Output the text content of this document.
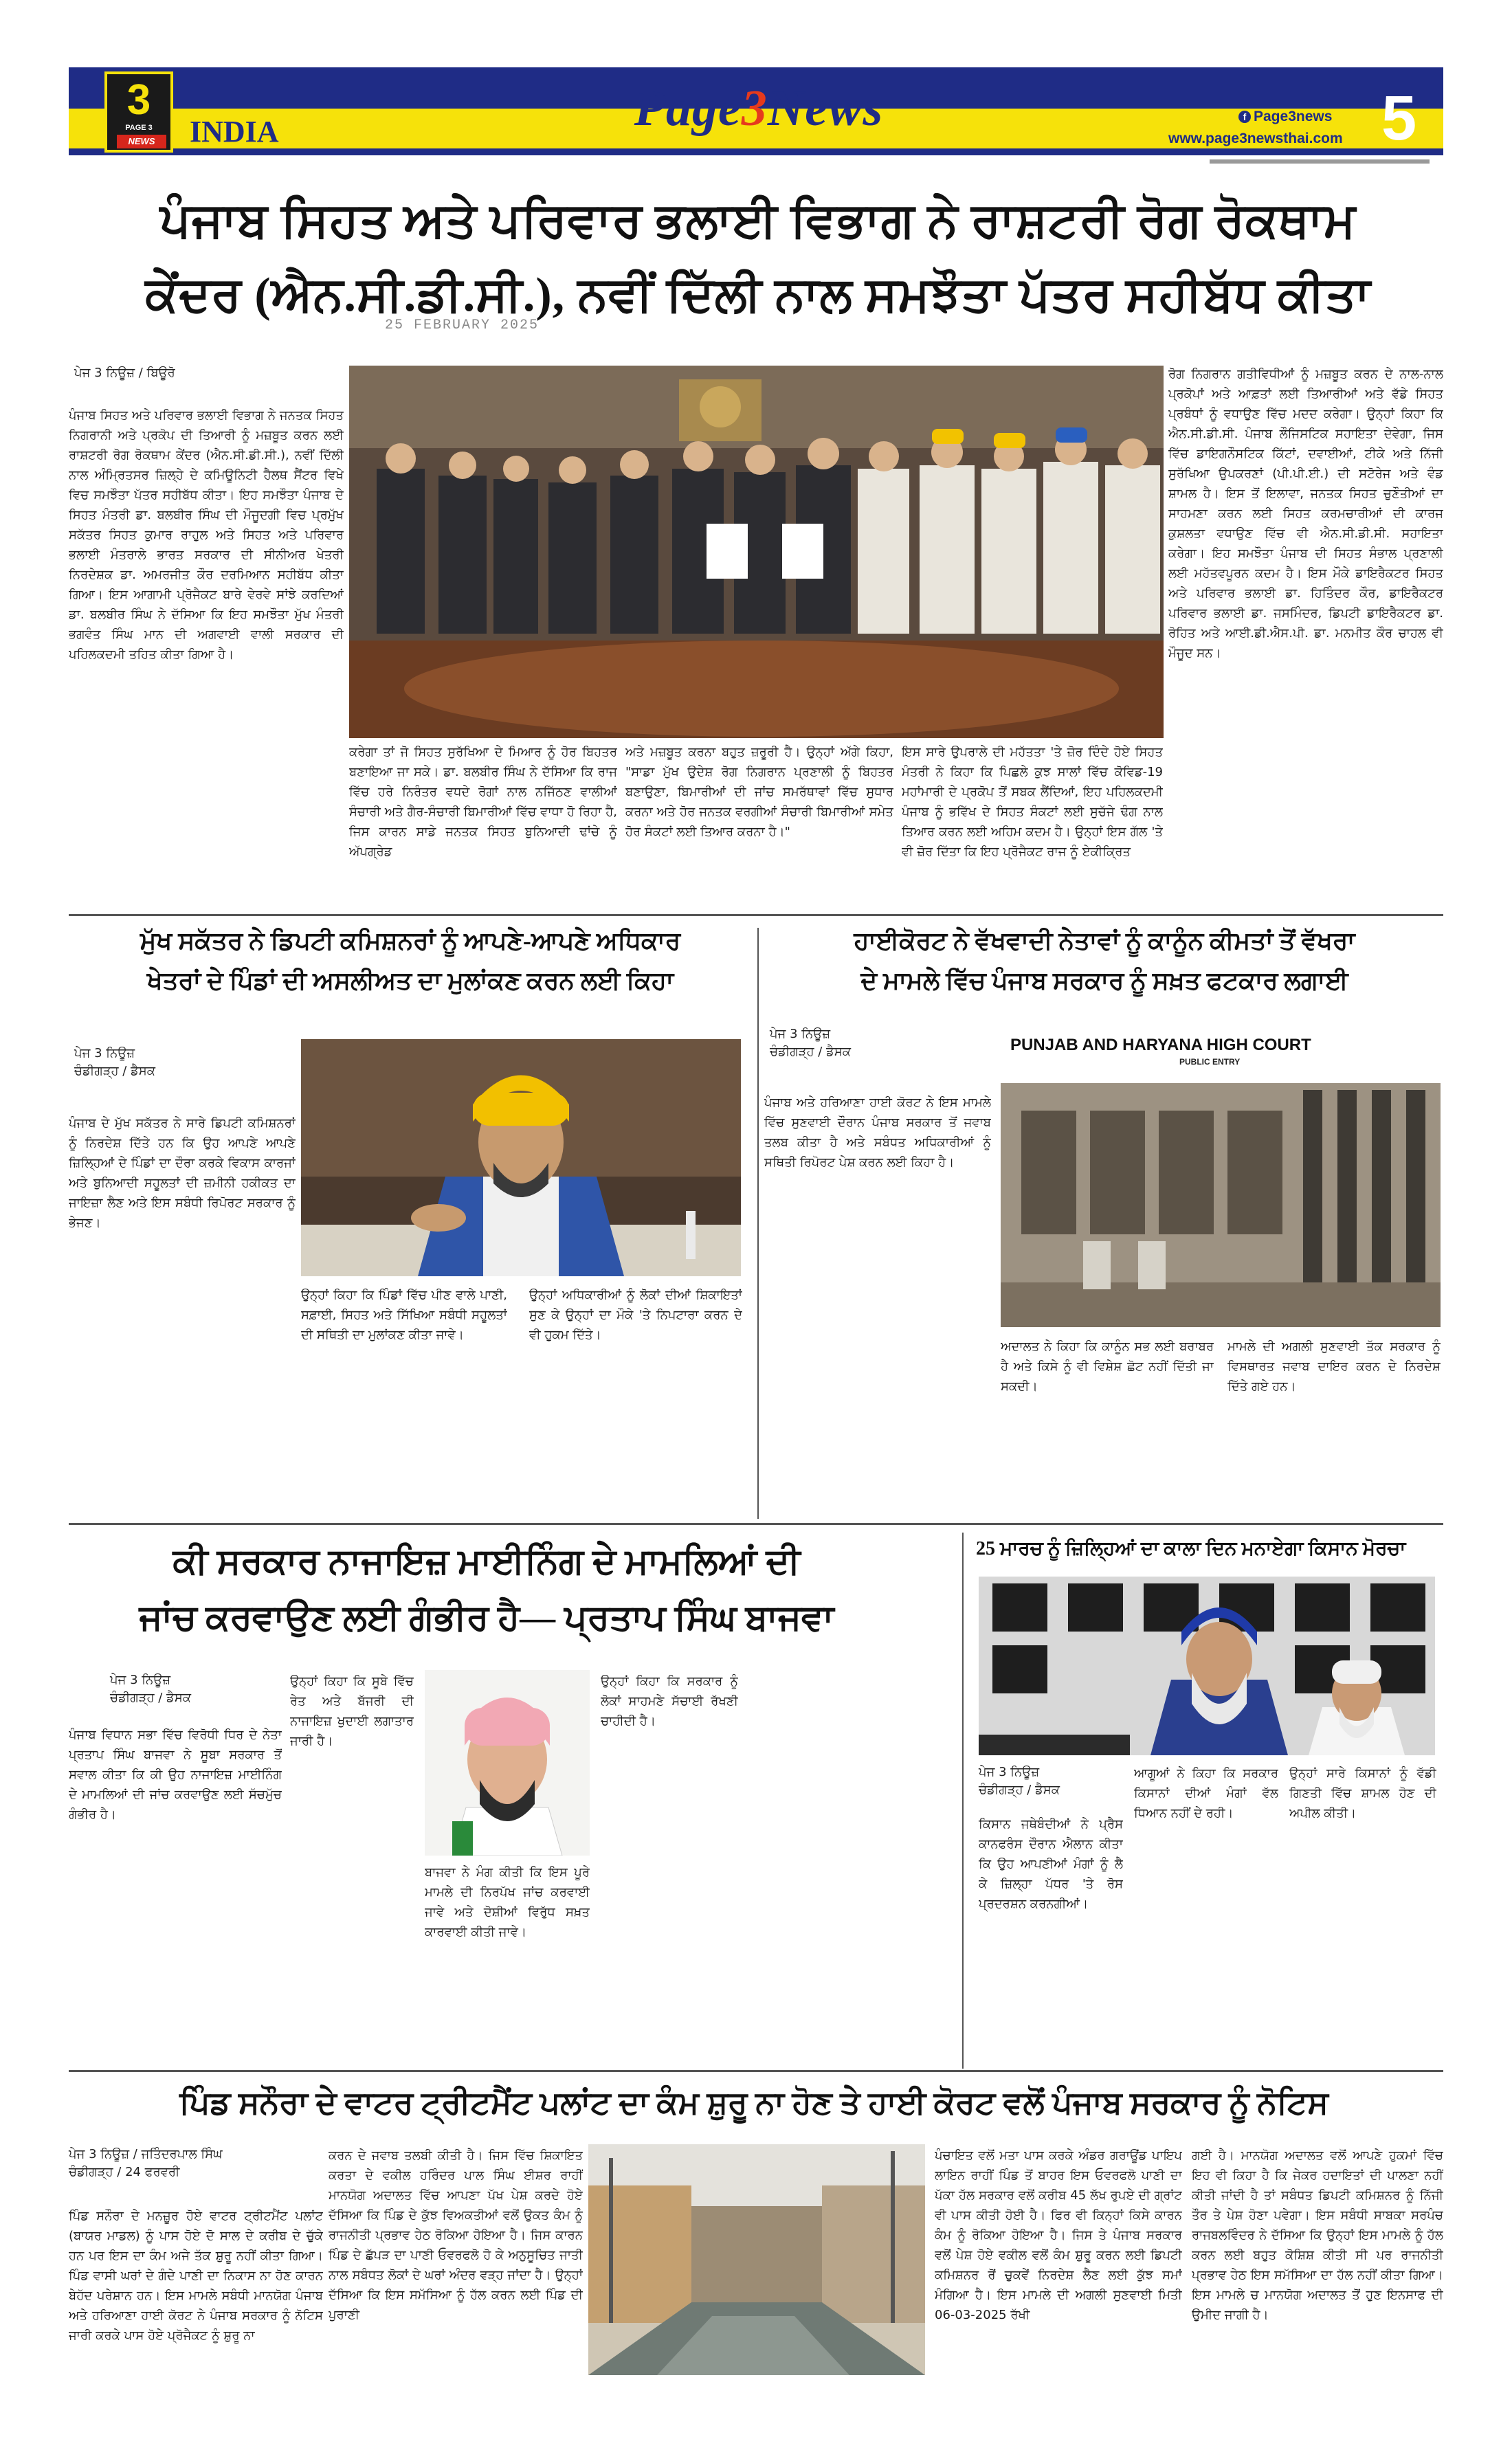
3
PAGE 3
NEWS	INDIA	Page3News	f Page3news
www.page3newsthai.com 5
ਪੰਜਾਬ ਸਿਹਤ ਅਤੇ ਪਰਿਵਾਰ ਭਲਾਈ ਵਿਭਾਗ ਨੇ ਰਾਸ਼ਟਰੀ ਰੋਗ ਰੋਕਥਾਮ
ਕੇਂਦਰ (ਐਨ.ਸੀ.ਡੀ.ਸੀ.), ਨਵੀਂ ਦਿੱਲੀ ਨਾਲ ਸਮਝੌਤਾ ਪੱਤਰ ਸਹੀਬੱਧ ਕੀਤਾ
ਪੇਜ 3 ਨਿਊਜ਼ / ਬਿਊਰੋ
ਪੰਜਾਬ ਸਿਹਤ ਅਤੇ ਪਰਿਵਾਰ ਭਲਾਈ ਵਿਭਾਗ ਨੇ ਜਨਤਕ ਸਿਹਤ ਨਿਗਰਾਨੀ ਅਤੇ ਪ੍ਰਕੋਪ ਦੀ ਤਿਆਰੀ ਨੂੰ ਮਜ਼ਬੂਤ ਕਰਨ ਲਈ ਰਾਸ਼ਟਰੀ ਰੋਗ ਰੋਕਥਾਮ ਕੇਂਦਰ (ਐਨ.ਸੀ.ਡੀ.ਸੀ.), ਨਵੀਂ ਦਿੱਲੀ ਨਾਲ ਅੰਮ੍ਰਿਤਸਰ ਜ਼ਿਲ੍ਹੇ ਦੇ ਕਮਿਊਨਿਟੀ ਹੈਲਥ ਸੈਂਟਰ ਵਿਖੇ ਵਿਚ ਸਮਝੌਤਾ ਪੱਤਰ ਸਹੀਬੱਧ ਕੀਤਾ। ਇਹ ਸਮਝੌਤਾ ਪੰਜਾਬ ਦੇ ਸਿਹਤ ਮੰਤਰੀ ਡਾ. ਬਲਬੀਰ ਸਿੰਘ ਦੀ ਮੌਜੂਦਗੀ ਵਿਚ ਪ੍ਰਮੁੱਖ ਸਕੱਤਰ ਸਿਹਤ ਕੁਮਾਰ ਰਾਹੁਲ ਅਤੇ ਸਿਹਤ ਅਤੇ ਪਰਿਵਾਰ ਭਲਾਈ ਮੰਤਰਾਲੇ ਭਾਰਤ ਸਰਕਾਰ ਦੀ ਸੀਨੀਅਰ ਖੇਤਰੀ ਨਿਰਦੇਸ਼ਕ ਡਾ. ਅਮਰਜੀਤ ਕੌਰ ਦਰਮਿਆਨ ਸਹੀਬੱਧ ਕੀਤਾ ਗਿਆ। ਇਸ ਆਗਾਮੀ ਪ੍ਰੋਜੈਕਟ ਬਾਰੇ ਵੇਰਵੇ ਸਾਂਝੇ ਕਰਦਿਆਂ ਡਾ. ਬਲਬੀਰ ਸਿੰਘ ਨੇ ਦੱਸਿਆ ਕਿ ਇਹ ਸਮਝੌਤਾ ਮੁੱਖ ਮੰਤਰੀ ਭਗਵੰਤ ਸਿੰਘ ਮਾਨ ਦੀ ਅਗਵਾਈ ਵਾਲੀ ਸਰਕਾਰ ਦੀ ਪਹਿਲਕਦਮੀ ਤਹਿਤ ਕੀਤਾ ਗਿਆ ਹੈ।
25 FEBRUARY 2025
ਕਰੇਗਾ ਤਾਂ ਜੋ ਸਿਹਤ ਸੁਰੱਖਿਆ ਦੇ ਮਿਆਰ ਨੂੰ ਹੋਰ ਬਿਹਤਰ ਬਣਾਇਆ ਜਾ ਸਕੇ। ਡਾ. ਬਲਬੀਰ ਸਿੰਘ ਨੇ ਦੱਸਿਆ ਕਿ ਰਾਜ ਵਿੱਚ ਹਰੇ ਨਿਰੰਤਰ ਵਧਦੇ ਰੋਗਾਂ ਨਾਲ ਨਜਿੱਠਣ ਵਾਲੀਆਂ ਸੰਚਾਰੀ ਅਤੇ ਗੈਰ-ਸੰਚਾਰੀ ਬਿਮਾਰੀਆਂ ਵਿੱਚ ਵਾਧਾ ਹੋ ਰਿਹਾ ਹੈ, ਜਿਸ ਕਾਰਨ ਸਾਡੇ ਜਨਤਕ ਸਿਹਤ ਬੁਨਿਆਦੀ ਢਾਂਚੇ ਨੂੰ ਅੱਪਗ੍ਰੇਡ
ਅਤੇ ਮਜ਼ਬੂਤ ਕਰਨਾ ਬਹੁਤ ਜ਼ਰੂਰੀ ਹੈ। ਉਨ੍ਹਾਂ ਅੱਗੇ ਕਿਹਾ, "ਸਾਡਾ ਮੁੱਖ ਉਦੇਸ਼ ਰੋਗ ਨਿਗਰਾਨ ਪ੍ਰਣਾਲੀ ਨੂੰ ਬਿਹਤਰ ਬਣਾਉਣਾ, ਬਿਮਾਰੀਆਂ ਦੀ ਜਾਂਚ ਸਮਰੱਥਾਵਾਂ ਵਿੱਚ ਸੁਧਾਰ ਕਰਨਾ ਅਤੇ ਹੋਰ ਜਨਤਕ ਵਰਗੀਆਂ ਸੰਚਾਰੀ ਬਿਮਾਰੀਆਂ ਸਮੇਤ ਹੋਰ ਸੰਕਟਾਂ ਲਈ ਤਿਆਰ ਕਰਨਾ ਹੈ।"
ਇਸ ਸਾਰੇ ਉਪਰਾਲੇ ਦੀ ਮਹੱਤਤਾ 'ਤੇ ਜ਼ੋਰ ਦਿੰਦੇ ਹੋਏ ਸਿਹਤ ਮੰਤਰੀ ਨੇ ਕਿਹਾ ਕਿ ਪਿਛਲੇ ਕੁਝ ਸਾਲਾਂ ਵਿੱਚ ਕੋਵਿਡ-19 ਮਹਾਂਮਾਰੀ ਦੇ ਪ੍ਰਕੋਪ ਤੋਂ ਸਬਕ ਲੈਂਦਿਆਂ, ਇਹ ਪਹਿਲਕਦਮੀ ਪੰਜਾਬ ਨੂੰ ਭਵਿੱਖ ਦੇ ਸਿਹਤ ਸੰਕਟਾਂ ਲਈ ਸੁਚੱਜੇ ਢੰਗ ਨਾਲ ਤਿਆਰ ਕਰਨ ਲਈ ਅਹਿਮ ਕਦਮ ਹੈ। ਉਨ੍ਹਾਂ ਇਸ ਗੱਲ 'ਤੇ ਵੀ ਜ਼ੋਰ ਦਿੱਤਾ ਕਿ ਇਹ ਪ੍ਰੋਜੈਕਟ ਰਾਜ ਨੂੰ ਏਕੀਕ੍ਰਿਤ
ਰੋਗ ਨਿਗਰਾਨ ਗਤੀਵਿਧੀਆਂ ਨੂੰ ਮਜ਼ਬੂਤ ਕਰਨ ਦੇ ਨਾਲ-ਨਾਲ ਪ੍ਰਕੋਪਾਂ ਅਤੇ ਆਫ਼ਤਾਂ ਲਈ ਤਿਆਰੀਆਂ ਅਤੇ ਵੱਡੇ ਸਿਹਤ ਪ੍ਰਬੰਧਾਂ ਨੂੰ ਵਧਾਉਣ ਵਿੱਚ ਮਦਦ ਕਰੇਗਾ। ਉਨ੍ਹਾਂ ਕਿਹਾ ਕਿ ਐਨ.ਸੀ.ਡੀ.ਸੀ. ਪੰਜਾਬ ਲੌਜਿਸਟਿਕ ਸਹਾਇਤਾ ਦੇਵੇਗਾ, ਜਿਸ ਵਿੱਚ ਡਾਇਗਨੌਸਟਿਕ ਕਿੱਟਾਂ, ਦਵਾਈਆਂ, ਟੀਕੇ ਅਤੇ ਨਿੱਜੀ ਸੁਰੱਖਿਆ ਉਪਕਰਣਾਂ (ਪੀ.ਪੀ.ਈ.) ਦੀ ਸਟੋਰੇਜ ਅਤੇ ਵੰਡ ਸ਼ਾਮਲ ਹੈ। ਇਸ ਤੋਂ ਇਲਾਵਾ, ਜਨਤਕ ਸਿਹਤ ਚੁਣੌਤੀਆਂ ਦਾ ਸਾਹਮਣਾ ਕਰਨ ਲਈ ਸਿਹਤ ਕਰਮਚਾਰੀਆਂ ਦੀ ਕਾਰਜ ਕੁਸ਼ਲਤਾ ਵਧਾਉਣ ਵਿੱਚ ਵੀ ਐਨ.ਸੀ.ਡੀ.ਸੀ. ਸਹਾਇਤਾ ਕਰੇਗਾ। ਇਹ ਸਮਝੌਤਾ ਪੰਜਾਬ ਦੀ ਸਿਹਤ ਸੰਭਾਲ ਪ੍ਰਣਾਲੀ ਲਈ ਮਹੱਤਵਪੂਰਨ ਕਦਮ ਹੈ। ਇਸ ਮੌਕੇ ਡਾਇਰੈਕਟਰ ਸਿਹਤ ਅਤੇ ਪਰਿਵਾਰ ਭਲਾਈ ਡਾ. ਹਿਤਿੰਦਰ ਕੌਰ, ਡਾਇਰੈਕਟਰ ਪਰਿਵਾਰ ਭਲਾਈ ਡਾ. ਜਸਮਿੰਦਰ, ਡਿਪਟੀ ਡਾਇਰੈਕਟਰ ਡਾ. ਰੋਹਿਤ ਅਤੇ ਆਈ.ਡੀ.ਐਸ.ਪੀ. ਡਾ. ਮਨਮੀਤ ਕੌਰ ਚਾਹਲ ਵੀ ਮੌਜੂਦ ਸਨ।
ਮੁੱਖ ਸਕੱਤਰ ਨੇ ਡਿਪਟੀ ਕਮਿਸ਼ਨਰਾਂ ਨੂੰ ਆਪਣੇ-ਆਪਣੇ ਅਧਿਕਾਰ
ਖੇਤਰਾਂ ਦੇ ਪਿੰਡਾਂ ਦੀ ਅਸਲੀਅਤ ਦਾ ਮੁਲਾਂਕਣ ਕਰਨ ਲਈ ਕਿਹਾ
ਪੇਜ 3 ਨਿਊਜ਼
ਚੰਡੀਗੜ੍ਹ / ਡੈਸਕ
ਪੰਜਾਬ ਦੇ ਮੁੱਖ ਸਕੱਤਰ ਨੇ ਸਾਰੇ ਡਿਪਟੀ ਕਮਿਸ਼ਨਰਾਂ ਨੂੰ ਨਿਰਦੇਸ਼ ਦਿੱਤੇ ਹਨ ਕਿ ਉਹ ਆਪਣੇ ਆਪਣੇ ਜ਼ਿਲ੍ਹਿਆਂ ਦੇ ਪਿੰਡਾਂ ਦਾ ਦੌਰਾ ਕਰਕੇ ਵਿਕਾਸ ਕਾਰਜਾਂ ਅਤੇ ਬੁਨਿਆਦੀ ਸਹੂਲਤਾਂ ਦੀ ਜ਼ਮੀਨੀ ਹਕੀਕਤ ਦਾ ਜਾਇਜ਼ਾ ਲੈਣ ਅਤੇ ਇਸ ਸਬੰਧੀ ਰਿਪੋਰਟ ਸਰਕਾਰ ਨੂੰ ਭੇਜਣ।
ਉਨ੍ਹਾਂ ਕਿਹਾ ਕਿ ਪਿੰਡਾਂ ਵਿੱਚ ਪੀਣ ਵਾਲੇ ਪਾਣੀ, ਸਫ਼ਾਈ, ਸਿਹਤ ਅਤੇ ਸਿੱਖਿਆ ਸਬੰਧੀ ਸਹੂਲਤਾਂ ਦੀ ਸਥਿਤੀ ਦਾ ਮੁਲਾਂਕਣ ਕੀਤਾ ਜਾਵੇ।
ਉਨ੍ਹਾਂ ਅਧਿਕਾਰੀਆਂ ਨੂੰ ਲੋਕਾਂ ਦੀਆਂ ਸ਼ਿਕਾਇਤਾਂ ਸੁਣ ਕੇ ਉਨ੍ਹਾਂ ਦਾ ਮੌਕੇ 'ਤੇ ਨਿਪਟਾਰਾ ਕਰਨ ਦੇ ਵੀ ਹੁਕਮ ਦਿੱਤੇ।
ਹਾਈਕੋਰਟ ਨੇ ਵੱਖਵਾਦੀ ਨੇਤਾਵਾਂ ਨੂੰ ਕਾਨੂੰਨ ਕੀਮਤਾਂ ਤੋਂ ਵੱਖਰਾ
ਦੇ ਮਾਮਲੇ ਵਿੱਚ ਪੰਜਾਬ ਸਰਕਾਰ ਨੂੰ ਸਖ਼ਤ ਫਟਕਾਰ ਲਗਾਈ
ਪੇਜ 3 ਨਿਊਜ਼
ਚੰਡੀਗੜ੍ਹ / ਡੈਸਕ
ਪੰਜਾਬ ਅਤੇ ਹਰਿਆਣਾ ਹਾਈ ਕੋਰਟ ਨੇ ਇਸ ਮਾਮਲੇ ਵਿੱਚ ਸੁਣਵਾਈ ਦੌਰਾਨ ਪੰਜਾਬ ਸਰਕਾਰ ਤੋਂ ਜਵਾਬ ਤਲਬ ਕੀਤਾ ਹੈ ਅਤੇ ਸਬੰਧਤ ਅਧਿਕਾਰੀਆਂ ਨੂੰ ਸਥਿਤੀ ਰਿਪੋਰਟ ਪੇਸ਼ ਕਰਨ ਲਈ ਕਿਹਾ ਹੈ।
PUNJAB AND HARYANA HIGH COURT
PUBLIC ENTRY
ਅਦਾਲਤ ਨੇ ਕਿਹਾ ਕਿ ਕਾਨੂੰਨ ਸਭ ਲਈ ਬਰਾਬਰ ਹੈ ਅਤੇ ਕਿਸੇ ਨੂੰ ਵੀ ਵਿਸ਼ੇਸ਼ ਛੋਟ ਨਹੀਂ ਦਿੱਤੀ ਜਾ ਸਕਦੀ।
ਮਾਮਲੇ ਦੀ ਅਗਲੀ ਸੁਣਵਾਈ ਤੱਕ ਸਰਕਾਰ ਨੂੰ ਵਿਸਥਾਰਤ ਜਵਾਬ ਦਾਇਰ ਕਰਨ ਦੇ ਨਿਰਦੇਸ਼ ਦਿੱਤੇ ਗਏ ਹਨ।
ਕੀ ਸਰਕਾਰ ਨਾਜਾਇਜ਼ ਮਾਈਨਿੰਗ ਦੇ ਮਾਮਲਿਆਂ ਦੀ
ਜਾਂਚ ਕਰਵਾਉਣ ਲਈ ਗੰਭੀਰ ਹੈ— ਪ੍ਰਤਾਪ ਸਿੰਘ ਬਾਜਵਾ
ਪੇਜ 3 ਨਿਊਜ਼
ਚੰਡੀਗੜ੍ਹ / ਡੈਸਕ
ਪੰਜਾਬ ਵਿਧਾਨ ਸਭਾ ਵਿੱਚ ਵਿਰੋਧੀ ਧਿਰ ਦੇ ਨੇਤਾ ਪ੍ਰਤਾਪ ਸਿੰਘ ਬਾਜਵਾ ਨੇ ਸੂਬਾ ਸਰਕਾਰ ਤੋਂ ਸਵਾਲ ਕੀਤਾ ਕਿ ਕੀ ਉਹ ਨਾਜਾਇਜ਼ ਮਾਈਨਿੰਗ ਦੇ ਮਾਮਲਿਆਂ ਦੀ ਜਾਂਚ ਕਰਵਾਉਣ ਲਈ ਸੱਚਮੁੱਚ ਗੰਭੀਰ ਹੈ।
ਉਨ੍ਹਾਂ ਕਿਹਾ ਕਿ ਸੂਬੇ ਵਿੱਚ ਰੇਤ ਅਤੇ ਬੱਜਰੀ ਦੀ ਨਾਜਾਇਜ਼ ਖੁਦਾਈ ਲਗਾਤਾਰ ਜਾਰੀ ਹੈ।
ਬਾਜਵਾ ਨੇ ਮੰਗ ਕੀਤੀ ਕਿ ਇਸ ਪੂਰੇ ਮਾਮਲੇ ਦੀ ਨਿਰਪੱਖ ਜਾਂਚ ਕਰਵਾਈ ਜਾਵੇ ਅਤੇ ਦੋਸ਼ੀਆਂ ਵਿਰੁੱਧ ਸਖ਼ਤ ਕਾਰਵਾਈ ਕੀਤੀ ਜਾਵੇ।
ਉਨ੍ਹਾਂ ਕਿਹਾ ਕਿ ਸਰਕਾਰ ਨੂੰ ਲੋਕਾਂ ਸਾਹਮਣੇ ਸੱਚਾਈ ਰੱਖਣੀ ਚਾਹੀਦੀ ਹੈ।
25 ਮਾਰਚ ਨੂੰ ਜ਼ਿਲ੍ਹਿਆਂ ਦਾ ਕਾਲਾ ਦਿਨ ਮਨਾਏਗਾ ਕਿਸਾਨ ਮੋਰਚਾ
ਪੇਜ 3 ਨਿਊਜ਼
ਚੰਡੀਗੜ੍ਹ / ਡੈਸਕ
ਕਿਸਾਨ ਜਥੇਬੰਦੀਆਂ ਨੇ ਪ੍ਰੈਸ ਕਾਨਫਰੰਸ ਦੌਰਾਨ ਐਲਾਨ ਕੀਤਾ ਕਿ ਉਹ ਆਪਣੀਆਂ ਮੰਗਾਂ ਨੂੰ ਲੈ ਕੇ ਜ਼ਿਲ੍ਹਾ ਪੱਧਰ 'ਤੇ ਰੋਸ ਪ੍ਰਦਰਸ਼ਨ ਕਰਨਗੀਆਂ।
ਆਗੂਆਂ ਨੇ ਕਿਹਾ ਕਿ ਸਰਕਾਰ ਕਿਸਾਨਾਂ ਦੀਆਂ ਮੰਗਾਂ ਵੱਲ ਧਿਆਨ ਨਹੀਂ ਦੇ ਰਹੀ।
ਉਨ੍ਹਾਂ ਸਾਰੇ ਕਿਸਾਨਾਂ ਨੂੰ ਵੱਡੀ ਗਿਣਤੀ ਵਿੱਚ ਸ਼ਾਮਲ ਹੋਣ ਦੀ ਅਪੀਲ ਕੀਤੀ।
ਪਿੰਡ ਸਨੌਰਾ ਦੇ ਵਾਟਰ ਟ੍ਰੀਟਮੈਂਟ ਪਲਾਂਟ ਦਾ ਕੰਮ ਸ਼ੁਰੂ ਨਾ ਹੋਣ ਤੇ ਹਾਈ ਕੋਰਟ ਵਲੋਂ ਪੰਜਾਬ ਸਰਕਾਰ ਨੂੰ ਨੋਟਿਸ
ਪੇਜ 3 ਨਿਊਜ਼ / ਜਤਿੰਦਰਪਾਲ ਸਿੰਘ
ਚੰਡੀਗੜ੍ਹ / 24 ਫਰਵਰੀ
ਪਿੰਡ ਸਨੌਰਾ ਦੇ ਮਨਜ਼ੂਰ ਹੋਏ ਵਾਟਰ ਟ੍ਰੀਟਮੈਂਟ ਪਲਾਂਟ (ਬਾਯਰ ਮਾਡਲ) ਨੂੰ ਪਾਸ ਹੋਏ ਦੋ ਸਾਲ ਦੇ ਕਰੀਬ ਦੇ ਚੁੱਕੇ ਹਨ ਪਰ ਇਸ ਦਾ ਕੰਮ ਅਜੇ ਤੱਕ ਸ਼ੁਰੂ ਨਹੀਂ ਕੀਤਾ ਗਿਆ। ਪਿੰਡ ਵਾਸੀ ਘਰਾਂ ਦੇ ਗੰਦੇ ਪਾਣੀ ਦਾ ਨਿਕਾਸ ਨਾ ਹੋਣ ਕਾਰਨ ਬੇਹੱਦ ਪਰੇਸ਼ਾਨ ਹਨ। ਇਸ ਮਾਮਲੇ ਸਬੰਧੀ ਮਾਨਯੋਗ ਪੰਜਾਬ ਅਤੇ ਹਰਿਆਣਾ ਹਾਈ ਕੋਰਟ ਨੇ ਪੰਜਾਬ ਸਰਕਾਰ ਨੂੰ ਨੋਟਿਸ ਜਾਰੀ ਕਰਕੇ ਪਾਸ ਹੋਏ ਪ੍ਰੋਜੈਕਟ ਨੂੰ ਸ਼ੁਰੂ ਨਾ
ਕਰਨ ਦੇ ਜਵਾਬ ਤਲਬੀ ਕੀਤੀ ਹੈ। ਜਿਸ ਵਿੱਚ ਸ਼ਿਕਾਇਤ ਕਰਤਾ ਦੇ ਵਕੀਲ ਹਰਿੰਦਰ ਪਾਲ ਸਿੰਘ ਈਸ਼ਰ ਰਾਹੀਂ ਮਾਨਯੋਗ ਅਦਾਲਤ ਵਿੱਚ ਆਪਣਾ ਪੱਖ ਪੇਸ਼ ਕਰਦੇ ਹੋਏ ਦੱਸਿਆ ਕਿ ਪਿੰਡ ਦੇ ਕੁੱਝ ਵਿਅਕਤੀਆਂ ਵਲੋਂ ਉਕਤ ਕੰਮ ਨੂੰ ਰਾਜਨੀਤੀ ਪ੍ਰਭਾਵ ਹੇਠ ਰੋਕਿਆ ਹੋਇਆ ਹੈ। ਜਿਸ ਕਾਰਨ ਪਿੰਡ ਦੇ ਛੱਪੜ ਦਾ ਪਾਣੀ ਓਵਰਫਲੋ ਹੋ ਕੇ ਅਨੁਸੂਚਿਤ ਜਾਤੀ ਨਾਲ ਸਬੰਧਤ ਲੋਕਾਂ ਦੇ ਘਰਾਂ ਅੰਦਰ ਵੜ੍ਹ ਜਾਂਦਾ ਹੈ। ਉਨ੍ਹਾਂ ਦੱਸਿਆ ਕਿ ਇਸ ਸਮੱਸਿਆ ਨੂੰ ਹੱਲ ਕਰਨ ਲਈ ਪਿੰਡ ਦੀ ਪੁਰਾਣੀ
ਪੰਚਾਇਤ ਵਲੋਂ ਮਤਾ ਪਾਸ ਕਰਕੇ ਅੰਡਰ ਗਰਾਊਂਡ ਪਾਇਪ ਲਾਇਨ ਰਾਹੀਂ ਪਿੰਡ ਤੋਂ ਬਾਹਰ ਇਸ ਓਵਰਫਲੋ ਪਾਣੀ ਦਾ ਪੱਕਾ ਹੱਲ ਸਰਕਾਰ ਵਲੋਂ ਕਰੀਬ 45 ਲੱਖ ਰੁਪਏ ਦੀ ਗ੍ਰਾਂਟ ਵੀ ਪਾਸ ਕੀਤੀ ਹੋਈ ਹੈ। ਫਿਰ ਵੀ ਕਿਨ੍ਹਾਂ ਕਿਸੇ ਕਾਰਨ ਕੰਮ ਨੂੰ ਰੋਕਿਆ ਹੋਇਆ ਹੈ। ਜਿਸ ਤੇ ਪੰਜਾਬ ਸਰਕਾਰ ਵਲੋਂ ਪੇਸ਼ ਹੋਏ ਵਕੀਲ ਵਲੋਂ ਕੰਮ ਸ਼ੁਰੂ ਕਰਨ ਲਈ ਡਿਪਟੀ ਕਮਿਸ਼ਨਰ ਰੋਂ ਚੁਕਵੇਂ ਨਿਰਦੇਸ਼ ਲੈਣ ਲਈ ਕੁੱਝ ਸਮਾਂ ਮੰਗਿਆ ਹੈ। ਇਸ ਮਾਮਲੇ ਦੀ ਅਗਲੀ ਸੁਣਵਾਈ ਮਿਤੀ 06-03-2025 ਰੱਖੀ
ਗਈ ਹੈ। ਮਾਨਯੋਗ ਅਦਾਲਤ ਵਲੋਂ ਆਪਣੇ ਹੁਕਮਾਂ ਵਿੱਚ ਇਹ ਵੀ ਕਿਹਾ ਹੈ ਕਿ ਜੇਕਰ ਹਦਾਇਤਾਂ ਦੀ ਪਾਲਣਾ ਨਹੀਂ ਕੀਤੀ ਜਾਂਦੀ ਹੈ ਤਾਂ ਸਬੰਧਤ ਡਿਪਟੀ ਕਮਿਸ਼ਨਰ ਨੂੰ ਨਿੱਜੀ ਤੌਰ ਤੇ ਪੇਸ਼ ਹੋਣਾ ਪਵੇਗਾ। ਇਸ ਸਬੰਧੀ ਸਾਬਕਾ ਸਰਪੰਚ ਰਾਜਬਲਵਿੰਦਰ ਨੇ ਦੱਸਿਆ ਕਿ ਉਨ੍ਹਾਂ ਇਸ ਮਾਮਲੇ ਨੂੰ ਹੱਲ ਕਰਨ ਲਈ ਬਹੁਤ ਕੋਸ਼ਿਸ਼ ਕੀਤੀ ਸੀ ਪਰ ਰਾਜਨੀਤੀ ਪ੍ਰਭਾਵ ਹੇਠ ਇਸ ਸਮੱਸਿਆ ਦਾ ਹੱਲ ਨਹੀਂ ਕੀਤਾ ਗਿਆ। ਇਸ ਮਾਮਲੇ ਚ ਮਾਨਯੋਗ ਅਦਾਲਤ ਤੋਂ ਹੁਣ ਇਨਸਾਫ ਦੀ ਉਮੀਦ ਜਾਗੀ ਹੈ।
